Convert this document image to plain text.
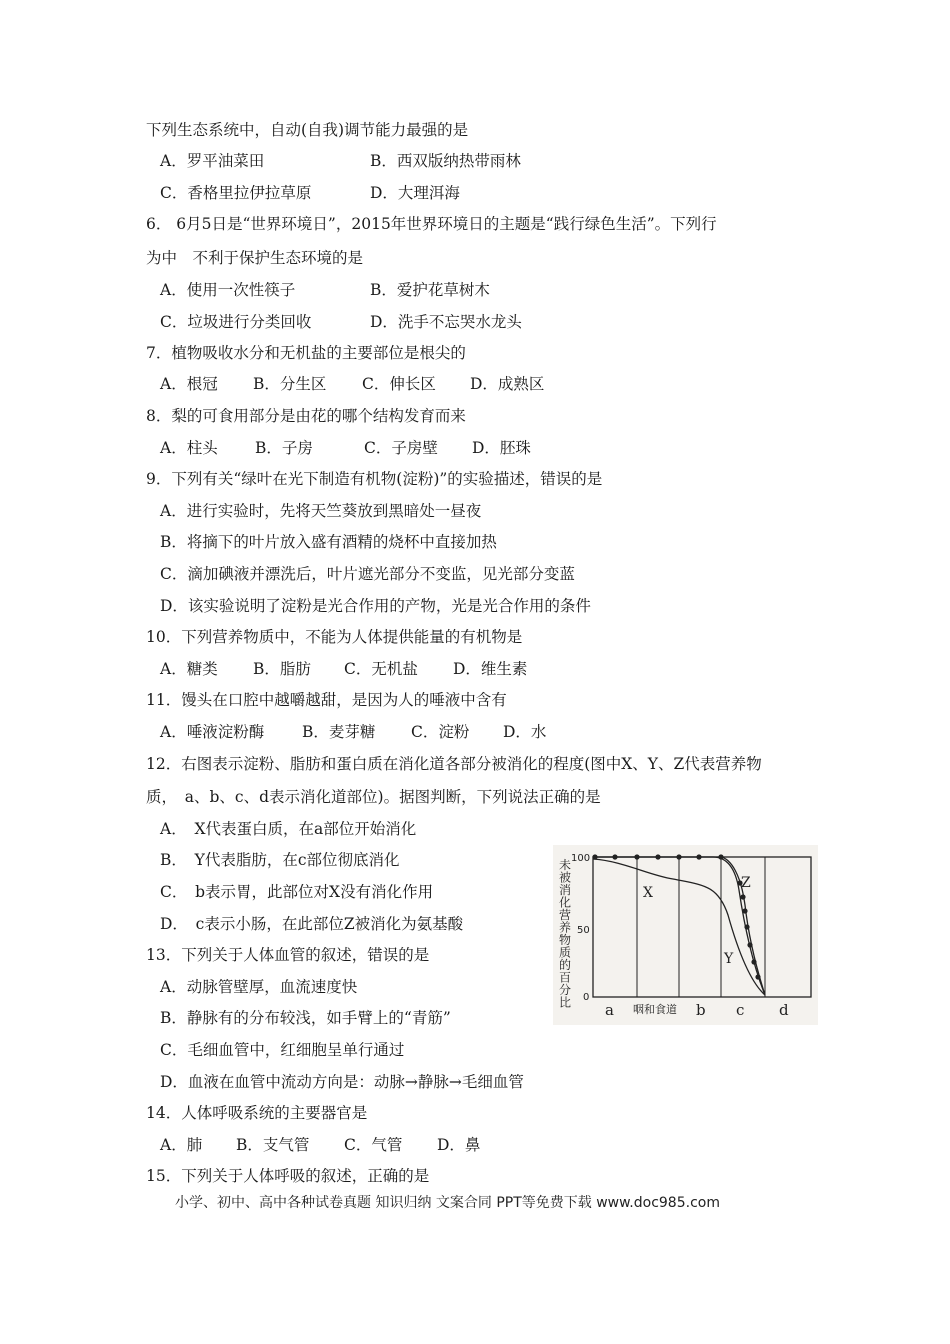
下列生态系统中，自动(自我)调节能力最强的是
A．罗平油菜田	B．西双版纳热带雨林
C．香格里拉伊拉草原	D．大理洱海
6． 6月5日是“世界环境日”，2015年世界环境日的主题是“践行绿色生活”。下列行
为中　不利于保护生态环境的是
A．使用一次性筷子	B．爱护花草树木
C．垃圾进行分类回收	D．洗手不忘哭水龙头
7．植物吸收水分和无机盐的主要部位是根尖的
A．根冠 B．分生区 C．伸长区 D．成熟区
8．梨的可食用部分是由花的哪个结构发育而来
A．柱头 B．子房	C．子房壁 D．胚珠
9．下列有关“绿叶在光下制造有机物(淀粉)”的实验描述，错误的是
A．进行实验时，先将天竺葵放到黑暗处一昼夜
B．将摘下的叶片放入盛有酒精的烧杯中直接加热
C．滴加碘液并漂洗后，叶片遮光部分不变监，见光部分变蓝
D．该实验说明了淀粉是光合作用的产物，光是光合作用的条件
10．下列营养物质中，不能为人体提供能量的有机物是
A．糖类 B．脂肪 C．无机盐 D．维生素
11．馒头在口腔中越嚼越甜，是因为人的唾液中含有
A．唾液淀粉酶 B．麦芽糖 C．淀粉 D．水
12．右图表示淀粉、脂肪和蛋白质在消化道各部分被消化的程度(图中X、Y、Z代表营养物
质，　a、b、c、d表示消化道部位)。据图判断，下列说法正确的是
A．　X代表蛋白质，在a部位开始消化
B．　Y代表脂肪，在c部位彻底消化
C．　b表示胃，此部位对X没有消化作用
D．　c表示小肠，在此部位Z被消化为氨基酸
13．下列关于人体血管的叙述，错误的是
A．动脉管壁厚，血流速度快
B．静脉有的分布较浅，如手臂上的“青筋”
C．毛细血管中，红细胞呈单行通过
D．血液在血管中流动方向是：动脉→静脉→毛细血管
14．人体呼吸系统的主要器官是
A．肺 B．支气管 C．气管 D．鼻
15．下列关于人体呼吸的叙述，正确的是
未被消化营养物质的百分比
100
50
0
X
Y
Z
a 咽和食道 b c d
小学、初中、高中各种试卷真题 知识归纳 文案合同 PPT等免费下载 www.doc985.com
